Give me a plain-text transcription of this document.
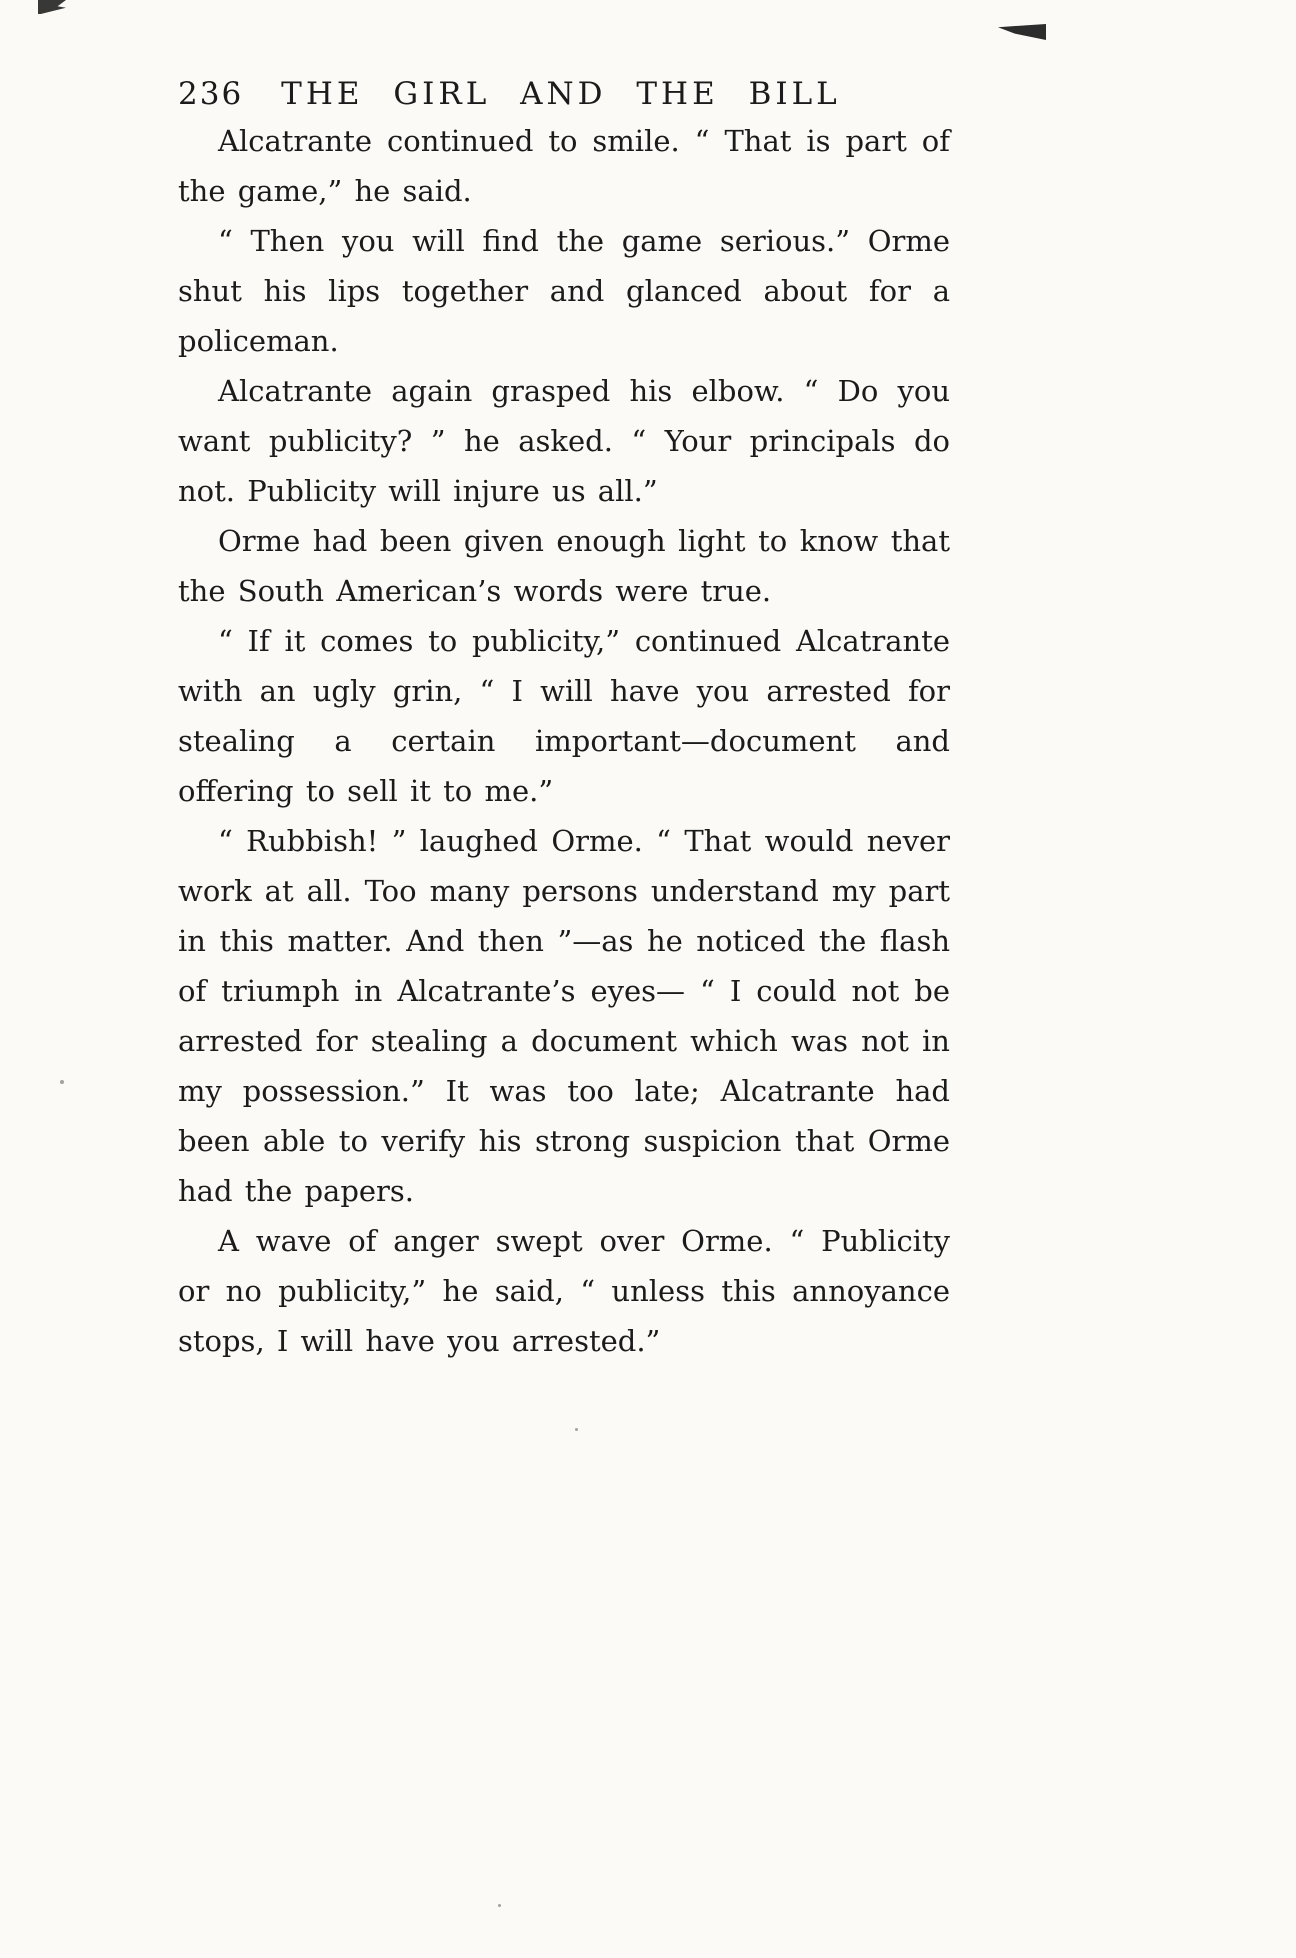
236 THE GIRL AND THE BILL

Alcatrante continued to smile. “ That is part of the game,” he said.

“ Then you will find the game serious.” Orme shut his lips together and glanced about for a policeman.

Alcatrante again grasped his elbow. “ Do you want publicity? ” he asked. “ Your principals do not. Publicity will injure us all.”

Orme had been given enough light to know that the South American’s words were true.

“ If it comes to publicity,” continued Alcatrante with an ugly grin, “ I will have you arrested for stealing a certain important—document and offering to sell it to me.”

“ Rubbish! ” laughed Orme. “ That would never work at all. Too many persons understand my part in this matter. And then ”—as he noticed the flash of triumph in Alcatrante’s eyes— “ I could not be arrested for stealing a document which was not in my possession.” It was too late; Alcatrante had been able to verify his strong suspicion that Orme had the papers.

A wave of anger swept over Orme. “ Publicity or no publicity,” he said, “ unless this annoyance stops, I will have you arrested.”
